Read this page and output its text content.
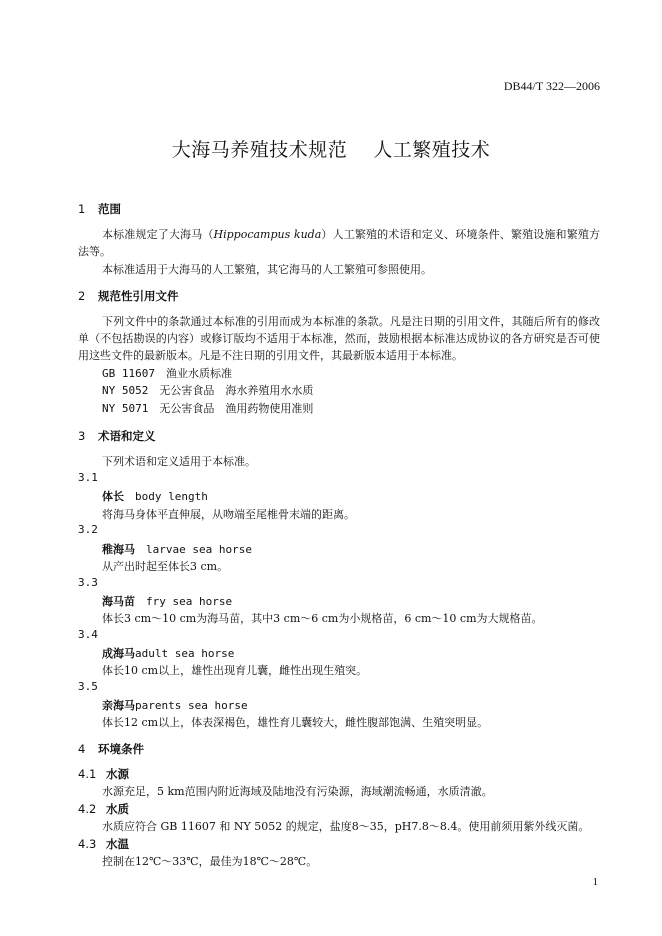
DB44/T 322—2006
大海马养殖技术规范 人工繁殖技术
1 范围
本标准规定了大海马（Hippocampus kuda）人工繁殖的术语和定义、环境条件、繁殖设施和繁殖方法等。
本标准适用于大海马的人工繁殖，其它海马的人工繁殖可参照使用。
2 规范性引用文件
下列文件中的条款通过本标准的引用而成为本标准的条款。凡是注日期的引用文件，其随后所有的修改单（不包括勘误的内容）或修订版均不适用于本标准，然而，鼓励根据本标准达成协议的各方研究是否可使用这些文件的最新版本。凡是不注日期的引用文件，其最新版本适用于本标准。
GB 11607　 渔业水质标准
NY 5052　 无公害食品　海水养殖用水水质
NY 5071　 无公害食品　渔用药物使用准则
3 术语和定义
下列术语和定义适用于本标准。
3.1
体长　 body length
将海马身体平直伸展，从吻端至尾椎骨末端的距离。
3.2
稚海马　 larvae sea horse
从产出时起至体长3 cm。
3.3
海马苗　 fry sea horse
体长3 cm～10 cm为海马苗，其中3 cm～6 cm为小规格苗，6 cm～10 cm为大规格苗。
3.4
成海马adult sea horse
体长10 cm以上，雄性出现育儿囊，雌性出现生殖突。
3.5
亲海马parents sea horse
体长12 cm以上，体表深褐色，雄性育儿囊较大，雌性腹部饱满、生殖突明显。
4 环境条件
4.1 水源
水源充足，5 km范围内附近海域及陆地没有污染源，海域潮流畅通，水质清澈。
4.2 水质
水质应符合 GB 11607 和 NY 5052 的规定，盐度8～35，pH7.8～8.4。使用前须用紫外线灭菌。
4.3 水温
控制在12℃～33℃，最佳为18℃～28℃。
1
